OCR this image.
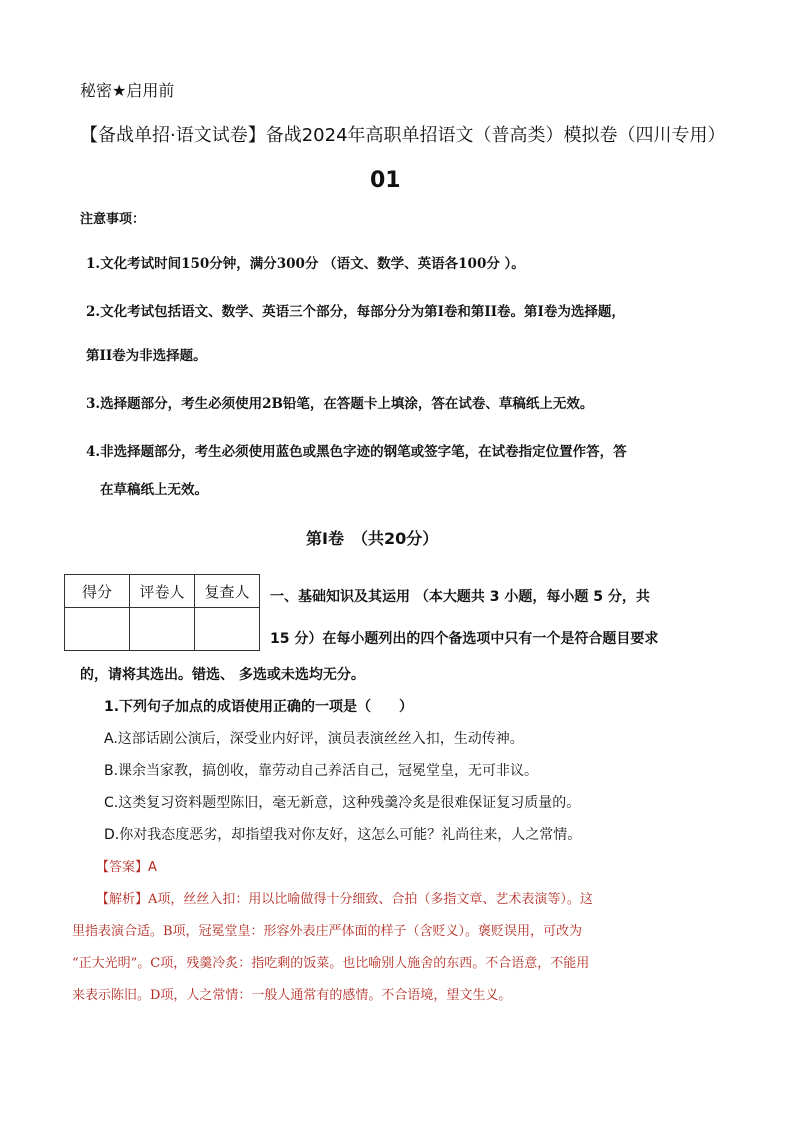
秘密★启用前
【备战单招·语文试卷】备战2024年高职单招语文（普高类）模拟卷（四川专用）
01
注意事项：
1.文化考试时间150分钟，满分300分 （语文、数学、英语各100分 ）。
2.文化考试包括语文、数学、英语三个部分，每部分分为第I卷和第II卷。第I卷为选择题，
第II卷为非选择题。
3.选择题部分，考生必须使用2B铅笔，在答题卡上填涂，答在试卷、草稿纸上无效。
4.非选择题部分，考生必须使用蓝色或黑色字迹的钢笔或签字笔，在试卷指定位置作答，答
在草稿纸上无效。
第Ⅰ卷　（共20分）
得分	评卷人	复查人
		一、基础知识及其运用 （本大题共 3 小题，每小题 5 分，共
15 分）在每小题列出的四个备选项中只有一个是符合题目要求
的，请将其选出。错选、 多选或未选均无分。
1.下列句子加点的成语使用正确的一项是（　　）
A.这部话剧公演后，深受业内好评，演员表演丝丝入扣，生动传神。
B.课余当家教，搞创收，靠劳动自己养活自己，冠冕堂皇，无可非议。
C.这类复习资料题型陈旧，毫无新意，这种残羹冷炙是很难保证复习质量的。
D.你对我态度恶劣，却指望我对你友好，这怎么可能？礼尚往来，人之常情。
【答案】A
【解析】A项，丝丝入扣：用以比喻做得十分细致、合拍（多指文章、艺术表演等）。这
里指表演合适。B项，冠冕堂皇：形容外表庄严体面的样子（含贬义）。褒贬误用，可改为
“正大光明”。C项，残羹冷炙：指吃剩的饭菜。也比喻别人施舍的东西。不合语意，不能用
来表示陈旧。D项，人之常情：一般人通常有的感情。不合语境，望文生义。
